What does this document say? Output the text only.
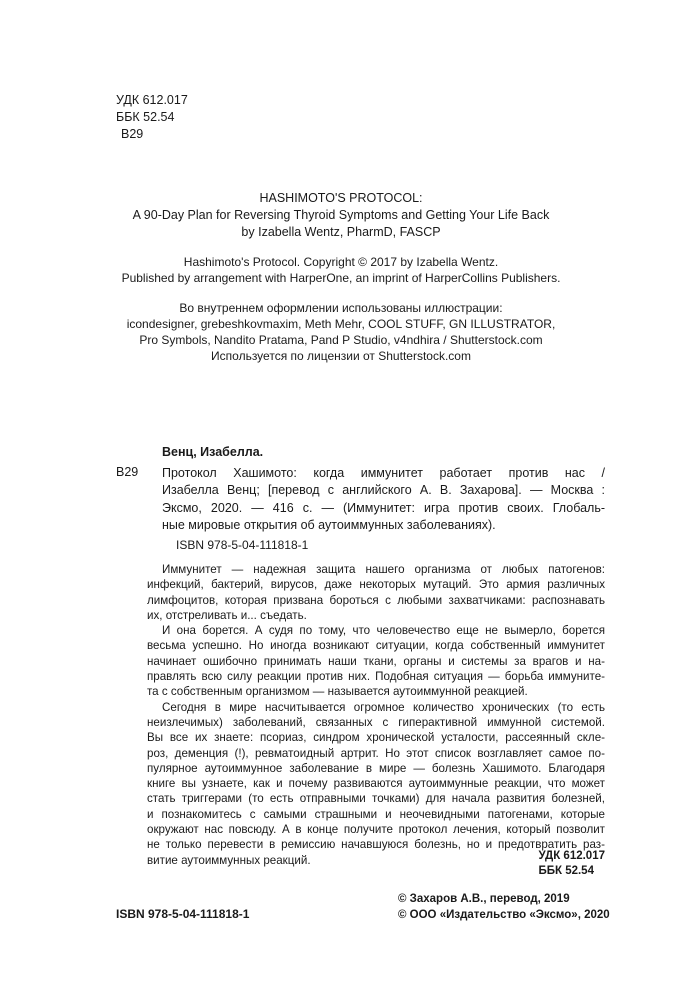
УДК 612.017
ББК 52.54
В29
HASHIMOTO'S PROTOCOL:
A 90-Day Plan for Reversing Thyroid Symptoms and Getting Your Life Back
by Izabella Wentz, PharmD, FASCP
Hashimoto's Protocol. Copyright © 2017 by Izabella Wentz.
Published by arrangement with HarperOne, an imprint of HarperCollins Publishers.
Во внутреннем оформлении использованы иллюстрации:
icondesigner, grebeshkovmaxim, Meth Mehr, COOL STUFF, GN ILLUSTRATOR,
Pro Symbols, Nandito Pratama, Pand P Studio, v4ndhira / Shutterstock.com
Используется по лицензии от Shutterstock.com
Венц, Изабелла.
В29 Протокол Хашимото: когда иммунитет работает против нас /
Изабелла Венц; [перевод с английского А. В. Захарова]. — Москва :
Эксмо, 2020. — 416 с. — (Иммунитет: игра против своих. Глобаль-
ные мировые открытия об аутоиммунных заболеваниях).
ISBN 978-5-04-111818-1
Иммунитет — надежная защита нашего организма от любых патогенов:
инфекций, бактерий, вирусов, даже некоторых мутаций. Это армия различных
лимфоцитов, которая призвана бороться с любыми захватчиками: распознавать
их, отстреливать и... съедать.
И она борется. А судя по тому, что человечество еще не вымерло, борется
весьма успешно. Но иногда возникают ситуации, когда собственный иммунитет
начинает ошибочно принимать наши ткани, органы и системы за врагов и на-
правлять всю силу реакции против них. Подобная ситуация — борьба иммуните-
та с собственным организмом — называется аутоиммунной реакцией.
Сегодня в мире насчитывается огромное количество хронических (то есть
неизлечимых) заболеваний, связанных с гиперактивной иммунной системой.
Вы все их знаете: псориаз, синдром хронической усталости, рассеянный скле-
роз, деменция (!), ревматоидный артрит. Но этот список возглавляет самое по-
пулярное аутоиммунное заболевание в мире — болезнь Хашимото. Благодаря
книге вы узнаете, как и почему развиваются аутоиммунные реакции, что может
стать триггерами (то есть отправными точками) для начала развития болезней,
и познакомитесь с самыми страшными и неочевидными патогенами, которые
окружают нас повсюду. А в конце получите протокол лечения, который позволит
не только перевести в ремиссию начавшуюся болезнь, но и предотвратить раз-
витие аутоиммунных реакций.	УДК 612.017
ББК 52.54
ISBN 978-5-04-111818-1
© Захаров А.В., перевод, 2019
© ООО «Издательство «Эксмо», 2020
